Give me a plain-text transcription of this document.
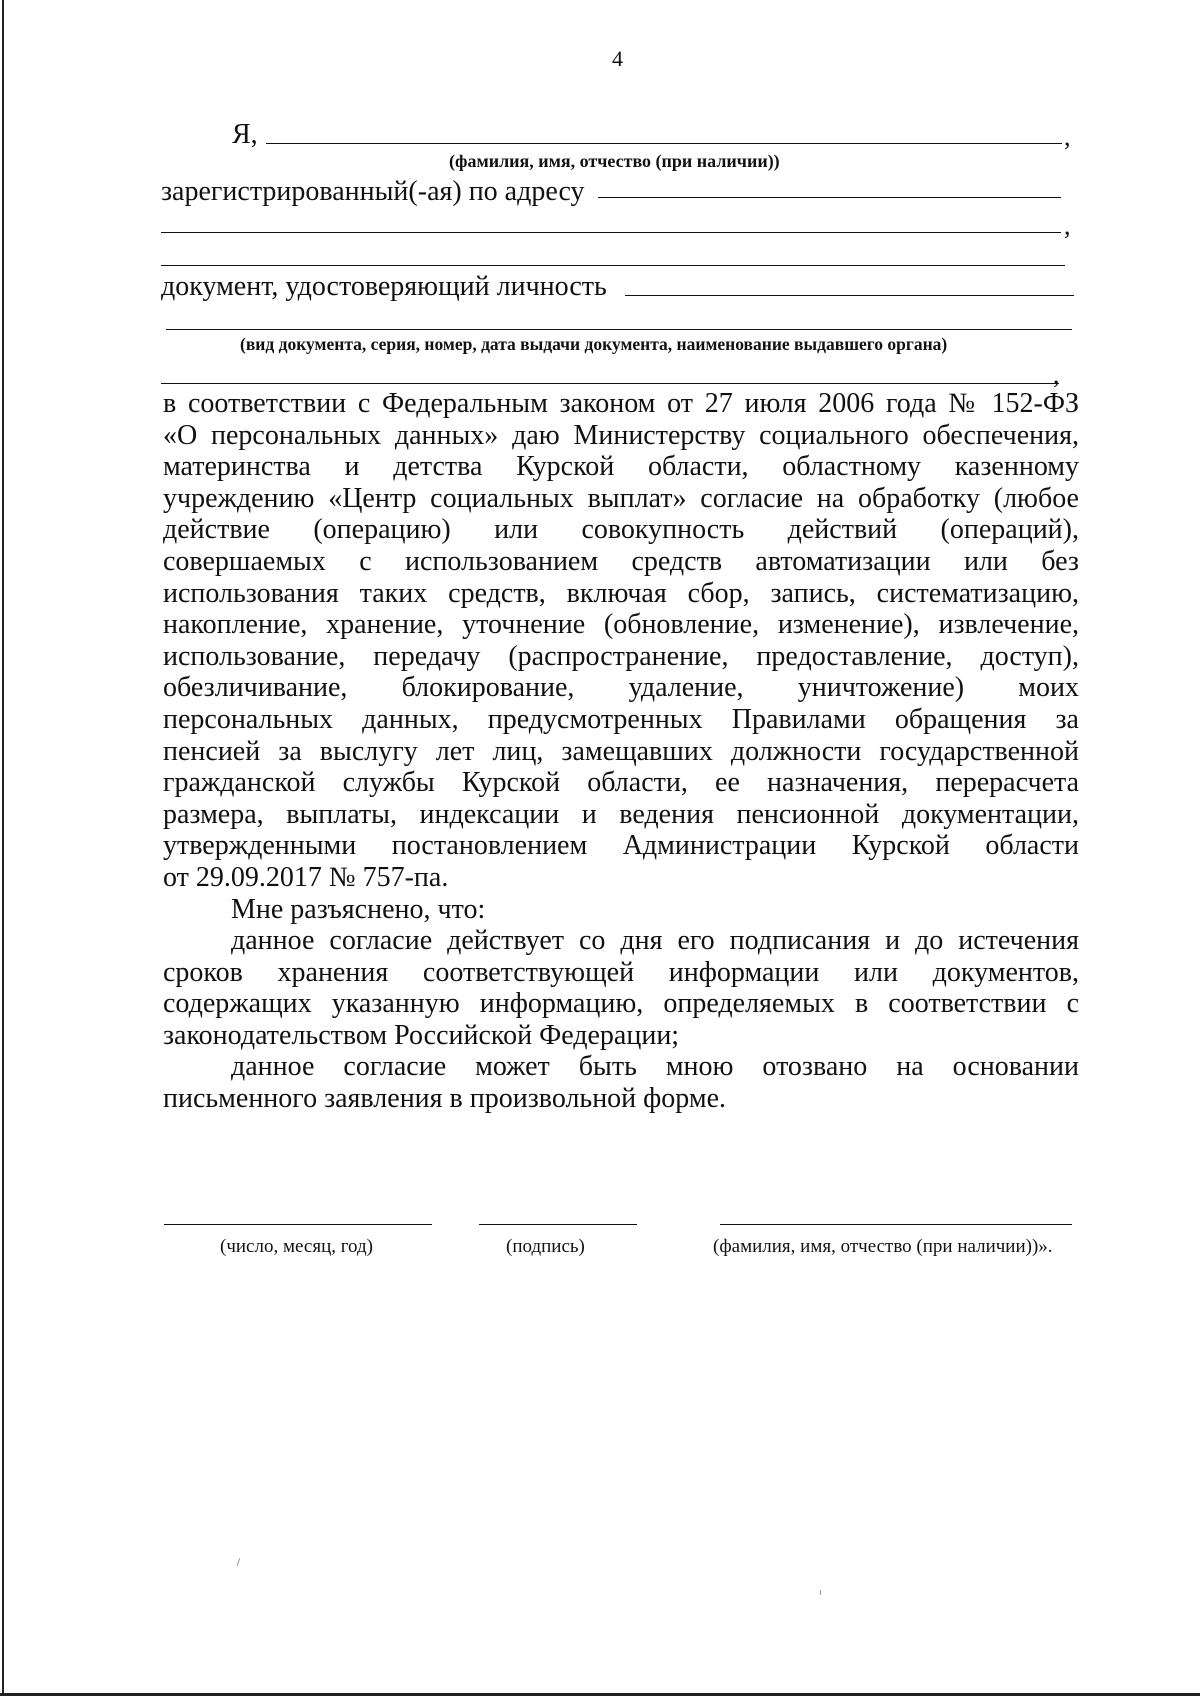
4
Я,	,
(фамилия, имя, отчество (при наличии))
зарегистрированный(-ая) по адресу
,
документ, удостоверяющий личность
(вид документа, серия, номер, дата выдачи документа, наименование выдавшего органа)
,
в соответствии с Федеральным законом от 27 июля 2006 года № 152-ФЗ
«О персональных данных» даю Министерству социального обеспечения,
материнства и детства Курской области, областному казенному
учреждению «Центр социальных выплат» согласие на обработку (любое
действие (операцию) или совокупность действий (операций),
совершаемых с использованием средств автоматизации или без
использования таких средств, включая сбор, запись, систематизацию,
накопление, хранение, уточнение (обновление, изменение), извлечение,
использование, передачу (распространение, предоставление, доступ),
обезличивание, блокирование, удаление, уничтожение) моих
персональных данных, предусмотренных Правилами обращения за
пенсией за выслугу лет лиц, замещавших должности государственной
гражданской службы Курской области, ее назначения, перерасчета
размера, выплаты, индексации и ведения пенсионной документации,
утвержденными постановлением Администрации Курской области
от 29.09.2017 № 757-па.
Мне разъяснено, что:
данное согласие действует со дня его подписания и до истечения
сроков хранения соответствующей информации или документов,
содержащих указанную информацию, определяемых в соответствии с
законодательством Российской Федерации;
данное согласие может быть мною отозвано на основании
письменного заявления в произвольной форме.
(число, месяц, год)	(подпись)	(фамилия, имя, отчество (при наличии))».
